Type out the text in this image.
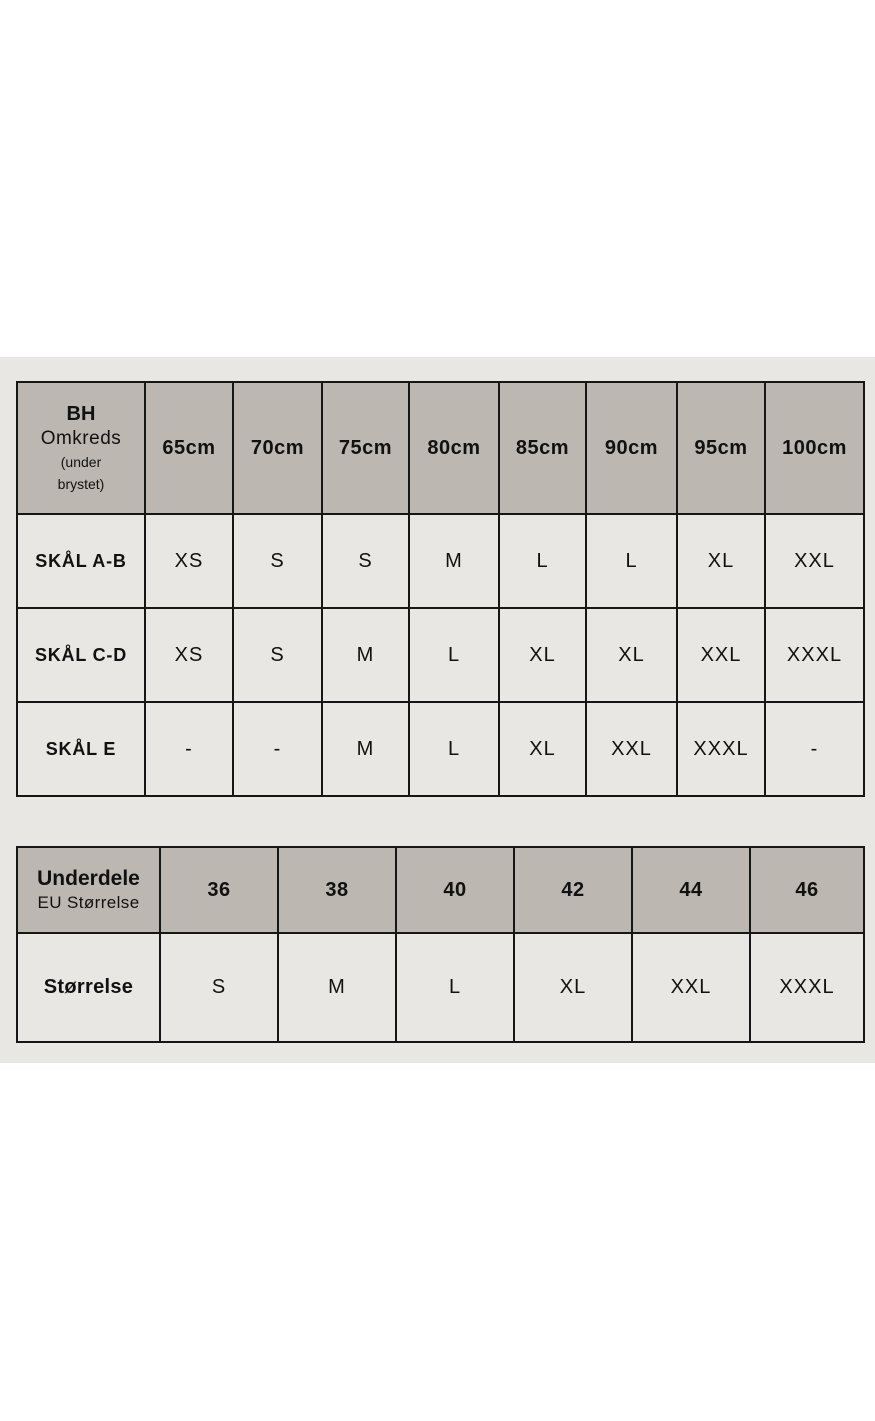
BH
Omkreds
(under
brystet)	65cm	70cm	75cm	80cm	85cm	90cm	95cm	100cm
SKÅL A-B	XS	S	S	M	L	L	XL	XXL
SKÅL C-D	XS	S	M	L	XL	XL	XXL	XXXL
SKÅL E	-	-	M	L	XL	XXL	XXXL	-
Underdele
EU Størrelse	36	38	40	42	44	46
Størrelse	S	M	L	XL	XXL	XXXL
